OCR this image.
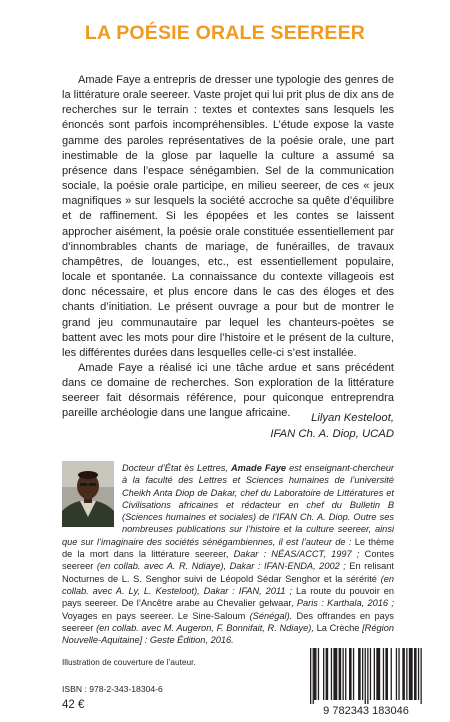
LA POÉSIE ORALE SEEREER

Amade Faye a entrepris de dresser une typologie des genres de la littérature orale seereer. Vaste projet qui lui prit plus de dix ans de recherches sur le terrain : textes et contextes sans lesquels les énoncés sont parfois incompréhensibles. L’étude expose la vaste gamme des paroles représentatives de la poésie orale, une part inestimable de la glose par laquelle la culture a assumé sa présence dans l’espace sénégambien. Sel de la communication sociale, la poésie orale participe, en milieu seereer, de ces « jeux magnifiques » sur lesquels la société accroche sa quête d’équilibre et de raffinement. Si les épopées et les contes se laissent approcher aisément, la poésie orale constituée essentiellement par d’innombrables chants de mariage, de funérailles, de travaux champêtres, de louanges, etc., est essentiellement populaire, locale et spontanée. La connaissance du contexte villageois est donc nécessaire, et plus encore dans le cas des éloges et des chants d’initiation. Le présent ouvrage a pour but de montrer le grand jeu communautaire par lequel les chanteurs-poètes se battent avec les mots pour dire l’histoire et le présent de la culture, les différentes durées dans lesquelles celle-ci s’est installée.

Amade Faye a réalisé ici une tâche ardue et sans précédent dans ce domaine de recherches. Son exploration de la littérature seereer fait désormais référence, pour quiconque entreprendra pareille archéologie dans une langue africaine.	Lilyan Kesteloot,
IFAN Ch. A. Diop, UCAD
Docteur d’État ès Lettres, Amade Faye est enseignant-chercheur à la faculté des Lettres et Sciences humaines de l’université Cheikh Anta Diop de Dakar, chef du Laboratoire de Littératures et Civilisations africaines et rédacteur en chef du Bulletin B (Sciences humaines et sociales) de l’IFAN Ch. A. Diop. Outre ses nombreuses publications sur l’histoire et la culture seereer, ainsi que sur l’imaginaire des sociétés sénégambiennes, il est l’auteur de : Le thème de la mort dans la littérature seereer, Dakar : NÉAS/ACCT, 1997 ; Contes seereer (en collab. avec A. R. Ndiaye), Dakar : IFAN-ENDA, 2002 ; En relisant Nocturnes de L. S. Senghor suivi de Léopold Sédar Senghor et la sérérité (en collab. avec A. Ly, L. Kesteloot), Dakar : IFAN, 2011 ; La route du pouvoir en pays seereer. De l’Ancêtre arabe au Chevalier gelwaar, Paris : Karthala, 2016 ; Voyages en pays seereer. Le Sine-Saloum (Sénégal). Des offrandes en pays seereer (en collab. avec M. Augeron, F. Bonnifait, R. Ndiaye), La Crèche [Région Nouvelle-Aquitaine] : Geste Édition, 2016.
Illustration de couverture de l’auteur.
ISBN : 978-2-343-18304-6
42 €	9 782343 183046
